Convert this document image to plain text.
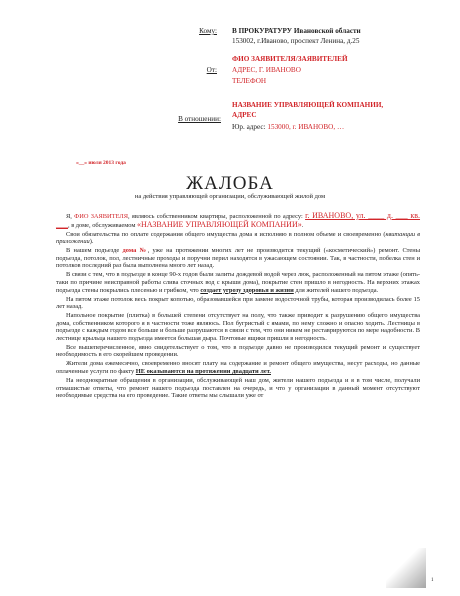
Кому: В ПРОКУРАТУРУ Ивановской области
153002, г.Иваново, проспект Ленина, д.25
От:
ФИО ЗАЯВИТЕЛЯ/ЗАЯВИТЕЛЕЙ
АДРЕС, Г. ИВАНОВО
ТЕЛЕФОН
В отношении:
НАЗВАНИЕ УПРАВЛЯЮЩЕЙ КОМПАНИИ,
АДРЕС
Юр. адрес: 153000, г. ИВАНОВО, …
«__» июля 2013 года
ЖАЛОБА
на действия управляющей организации, обслуживающей жилой дом

Я, ФИО ЗАЯВИТЕЛЯ, являюсь собственником квартиры, расположенной по адресу: г. ИВАНОВО, ул. ____ д. ___ кв. ___, в доме, обслуживаемом «НАЗВАНИЕ УПРАВЛЯЮЩЕЙ КОМПАНИИ».

Свои обязательства по оплате содержания общего имущества дома я исполняю в полном объеме и своевременно (квитанции в приложении).

В нашем подъезде дома №, уже на протяжении многих лет не производится текущий («косметический») ремонт. Стены подъезда, потолок, пол, лестничные проходы и поручни перил находятся в ужасающем состоянии. Так, в частности, побелка стен и потолков последний раз была выполнена много лет назад.

В связи с тем, что в подъезде в конце 90-х годов были залиты дождевой водой через люк, расположенный на пятом этаже (опять-таки по причине неисправной работы слива сточных вод с крыши дома), покрытие стен пришло в негодность. На верхних этажах подъезда стены покрылись плесенью и грибком, что создает угрозу здоровья и жизни для жителей нашего подъезда.

На пятом этаже потолок весь покрыт копотью, образовавшейся при замене водосточной трубы, которая производилась более 15 лет назад.

Напольное покрытие (плитка) в большей степени отсутствует на полу, что также приводит к разрушению общего имущества дома, собственником которого я в частности тоже являюсь. Пол бугристый с ямами, по нему сложно и опасно ходить. Лестницы в подъезде с каждым годом все больше и больше разрушаются в связи с тем, что они никем не реставрируются по мере надобности. В лестнице крыльца нашего подъезда имеется большая дыра. Почтовые ящики пришли в негодность.

Все вышеперечисленное, явно свидетельствует о том, что в подъезде давно не производился текущий ремонт и существует необходимость в его скорейшем проведении.

Жители дома ежемесячно, своевременно вносят плату на содержание и ремонт общего имущества, несут расходы, но данные оплаченные услуги по факту НЕ оказываются на протяжении двадцати лет.

На неоднократные обращения в организации, обслуживающей наш дом, жители нашего подъезда и я в том числе, получали отмашистые ответы, что ремонт нашего подъезда поставлен на очередь, и что у организации в данный момент отсутствуют необходимые средства на его проведение. Такие ответы мы слышали уже от

1
